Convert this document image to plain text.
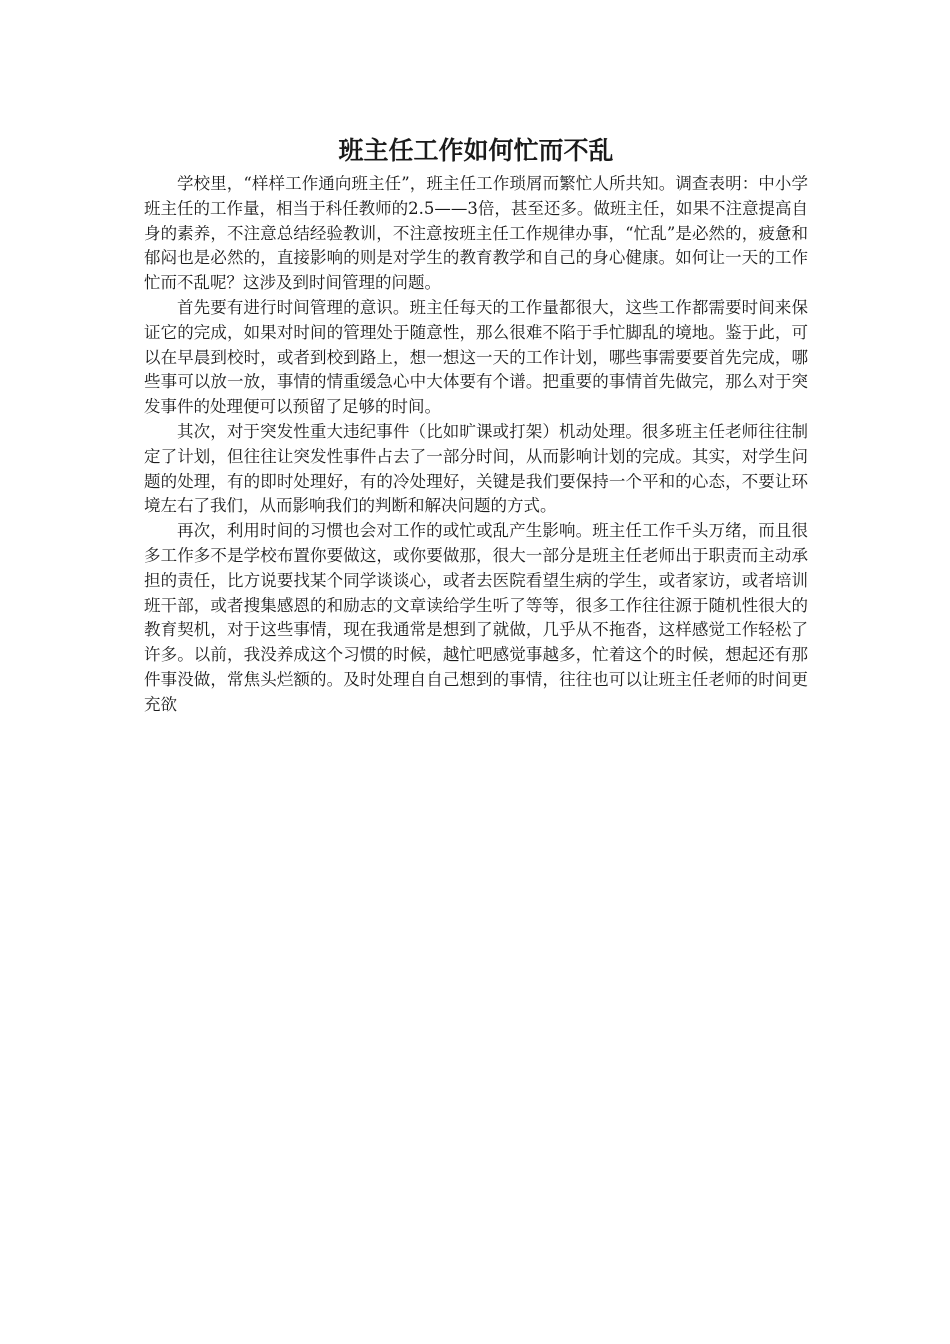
班主任工作如何忙而不乱

学校里，“样样工作通向班主任”，班主任工作琐屑而繁忙人所共知。调查表明：中小学班主任的工作量，相当于科任教师的2.5——3倍，甚至还多。做班主任，如果不注意提高自身的素养，不注意总结经验教训，不注意按班主任工作规律办事，“忙乱”是必然的，疲惫和郁闷也是必然的，直接影响的则是对学生的教育教学和自己的身心健康。如何让一天的工作忙而不乱呢？这涉及到时间管理的问题。

首先要有进行时间管理的意识。班主任每天的工作量都很大，这些工作都需要时间来保证它的完成，如果对时间的管理处于随意性，那么很难不陷于手忙脚乱的境地。鉴于此，可以在早晨到校时，或者到校到路上，想一想这一天的工作计划，哪些事需要要首先完成，哪些事可以放一放，事情的情重缓急心中大体要有个谱。把重要的事情首先做完，那么对于突发事件的处理便可以预留了足够的时间。

其次，对于突发性重大违纪事件（比如旷课或打架）机动处理。很多班主任老师往往制定了计划，但往往让突发性事件占去了一部分时间，从而影响计划的完成。其实，对学生问题的处理，有的即时处理好，有的冷处理好，关键是我们要保持一个平和的心态，不要让环境左右了我们，从而影响我们的判断和解决问题的方式。

再次，利用时间的习惯也会对工作的或忙或乱产生影响。班主任工作千头万绪，而且很多工作多不是学校布置你要做这，或你要做那，很大一部分是班主任老师出于职责而主动承担的责任，比方说要找某个同学谈谈心，或者去医院看望生病的学生，或者家访，或者培训班干部，或者搜集感恩的和励志的文章读给学生听了等等，很多工作往往源于随机性很大的教育契机，对于这些事情，现在我通常是想到了就做，几乎从不拖沓，这样感觉工作轻松了许多。以前，我没养成这个习惯的时候，越忙吧感觉事越多，忙着这个的时候，想起还有那件事没做，常焦头烂额的。及时处理自自己想到的事情，往往也可以让班主任老师的时间更充欲
